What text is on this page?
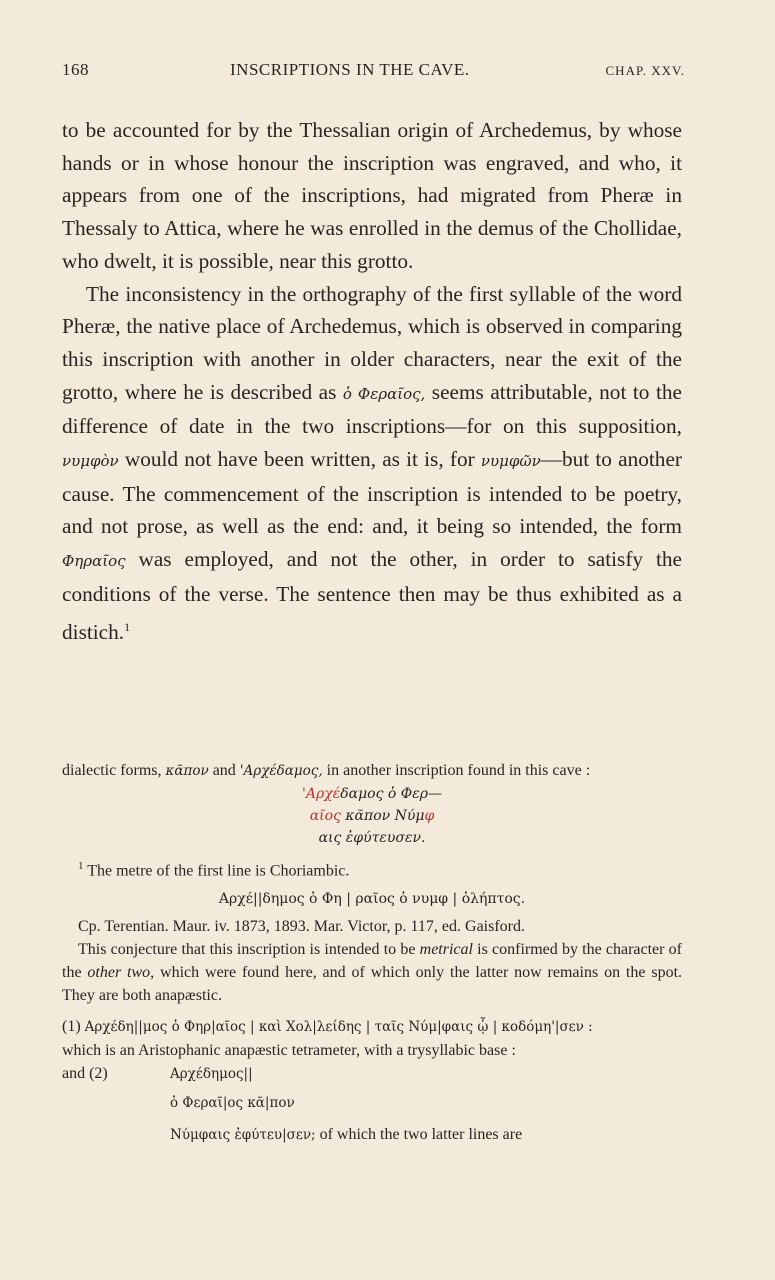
168	INSCRIPTIONS IN THE CAVE.	CHAP. XXV.

to be accounted for by the Thessalian origin of Archedemus, by whose hands or in whose honour the inscription was engraved, and who, it appears from one of the inscriptions, had migrated from Pheræ in Thessaly to Attica, where he was enrolled in the demus of the Chollidae, who dwelt, it is possible, near this grotto.

The inconsistency in the orthography of the first syllable of the word Pheræ, the native place of Archedemus, which is observed in comparing this inscription with another in older characters, near the exit of the grotto, where he is described as ὁ Φεραῖος, seems attributable, not to the difference of date in the two inscriptions—for on this supposition, νυμφὸν would not have been written, as it is, for νυμφῶν—but to another cause. The commencement of the inscription is intended to be poetry, and not prose, as well as the end: and, it being so intended, the form Φηραῖος was employed, and not the other, in order to satisfy the conditions of the verse. The sentence then may be thus exhibited as a distich.$^1$

dialectic forms, κᾶπον and 'Αρχέδαμος, in another inscription found in this cave :

'Αρχέδαμος ὁ Φερ—

αῖος κᾶπον Νύμφ

αις ἐφύτευσεν.

$^1$ The metre of the first line is Choriambic.

Αρχέ||δημος ὁ Φη | ραῖος ὁ νυμφ | ὁλήπτος.

Cp. Terentian. Maur. iv. 1873, 1893. Mar. Victor, p. 117, ed. Gaisford.

This conjecture that this inscription is intended to be metrical is confirmed by the character of the other two, which were found here, and of which only the latter now remains on the spot. They are both anapæstic.

(1) Αρχέδη||μος ὁ Φηρ|αῖος | καὶ Χολ|λείδης | ταῖς Νύμ|φαις ᾧ | κοδόμη'|σεν :

which is an Aristophanic anapæstic tetrameter, with a trysyllabic base :

and (2)	Αρχέδημος||

ὁ Φεραῖ|ος κᾶ|πον

Νύμφαις ἐφύτευ|σεν; of which the two latter lines are
